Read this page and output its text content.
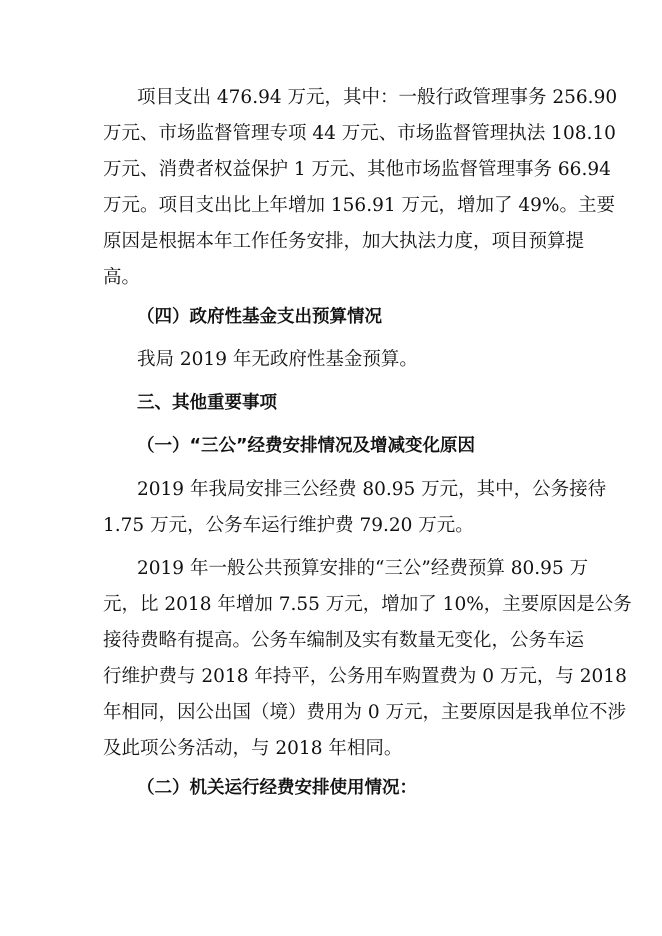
项目支出 476.94 万元，其中：一般行政管理事务 256.90
万元、市场监督管理专项 44 万元、市场监督管理执法 108.10
万元、消费者权益保护 1 万元、其他市场监督管理事务 66.94
万元。项目支出比上年增加 156.91 万元，增加了 49%。主要
原因是根据本年工作任务安排，加大执法力度，项目预算提
高。
（四）政府性基金支出预算情况
我局 2019 年无政府性基金预算。
三、其他重要事项
（一）“三公”经费安排情况及增减变化原因
2019 年我局安排三公经费 80.95 万元，其中，公务接待
1.75 万元，公务车运行维护费 79.20 万元。
2019 年一般公共预算安排的“三公”经费预算 80.95 万
元，比 2018 年增加 7.55 万元，增加了 10%，主要原因是公务
接待费略有提高。公务车编制及实有数量无变化，公务车运
行维护费与 2018 年持平，公务用车购置费为 0 万元，与 2018
年相同，因公出国（境）费用为 0 万元，主要原因是我单位不涉
及此项公务活动，与 2018 年相同。
（二）机关运行经费安排使用情况：
